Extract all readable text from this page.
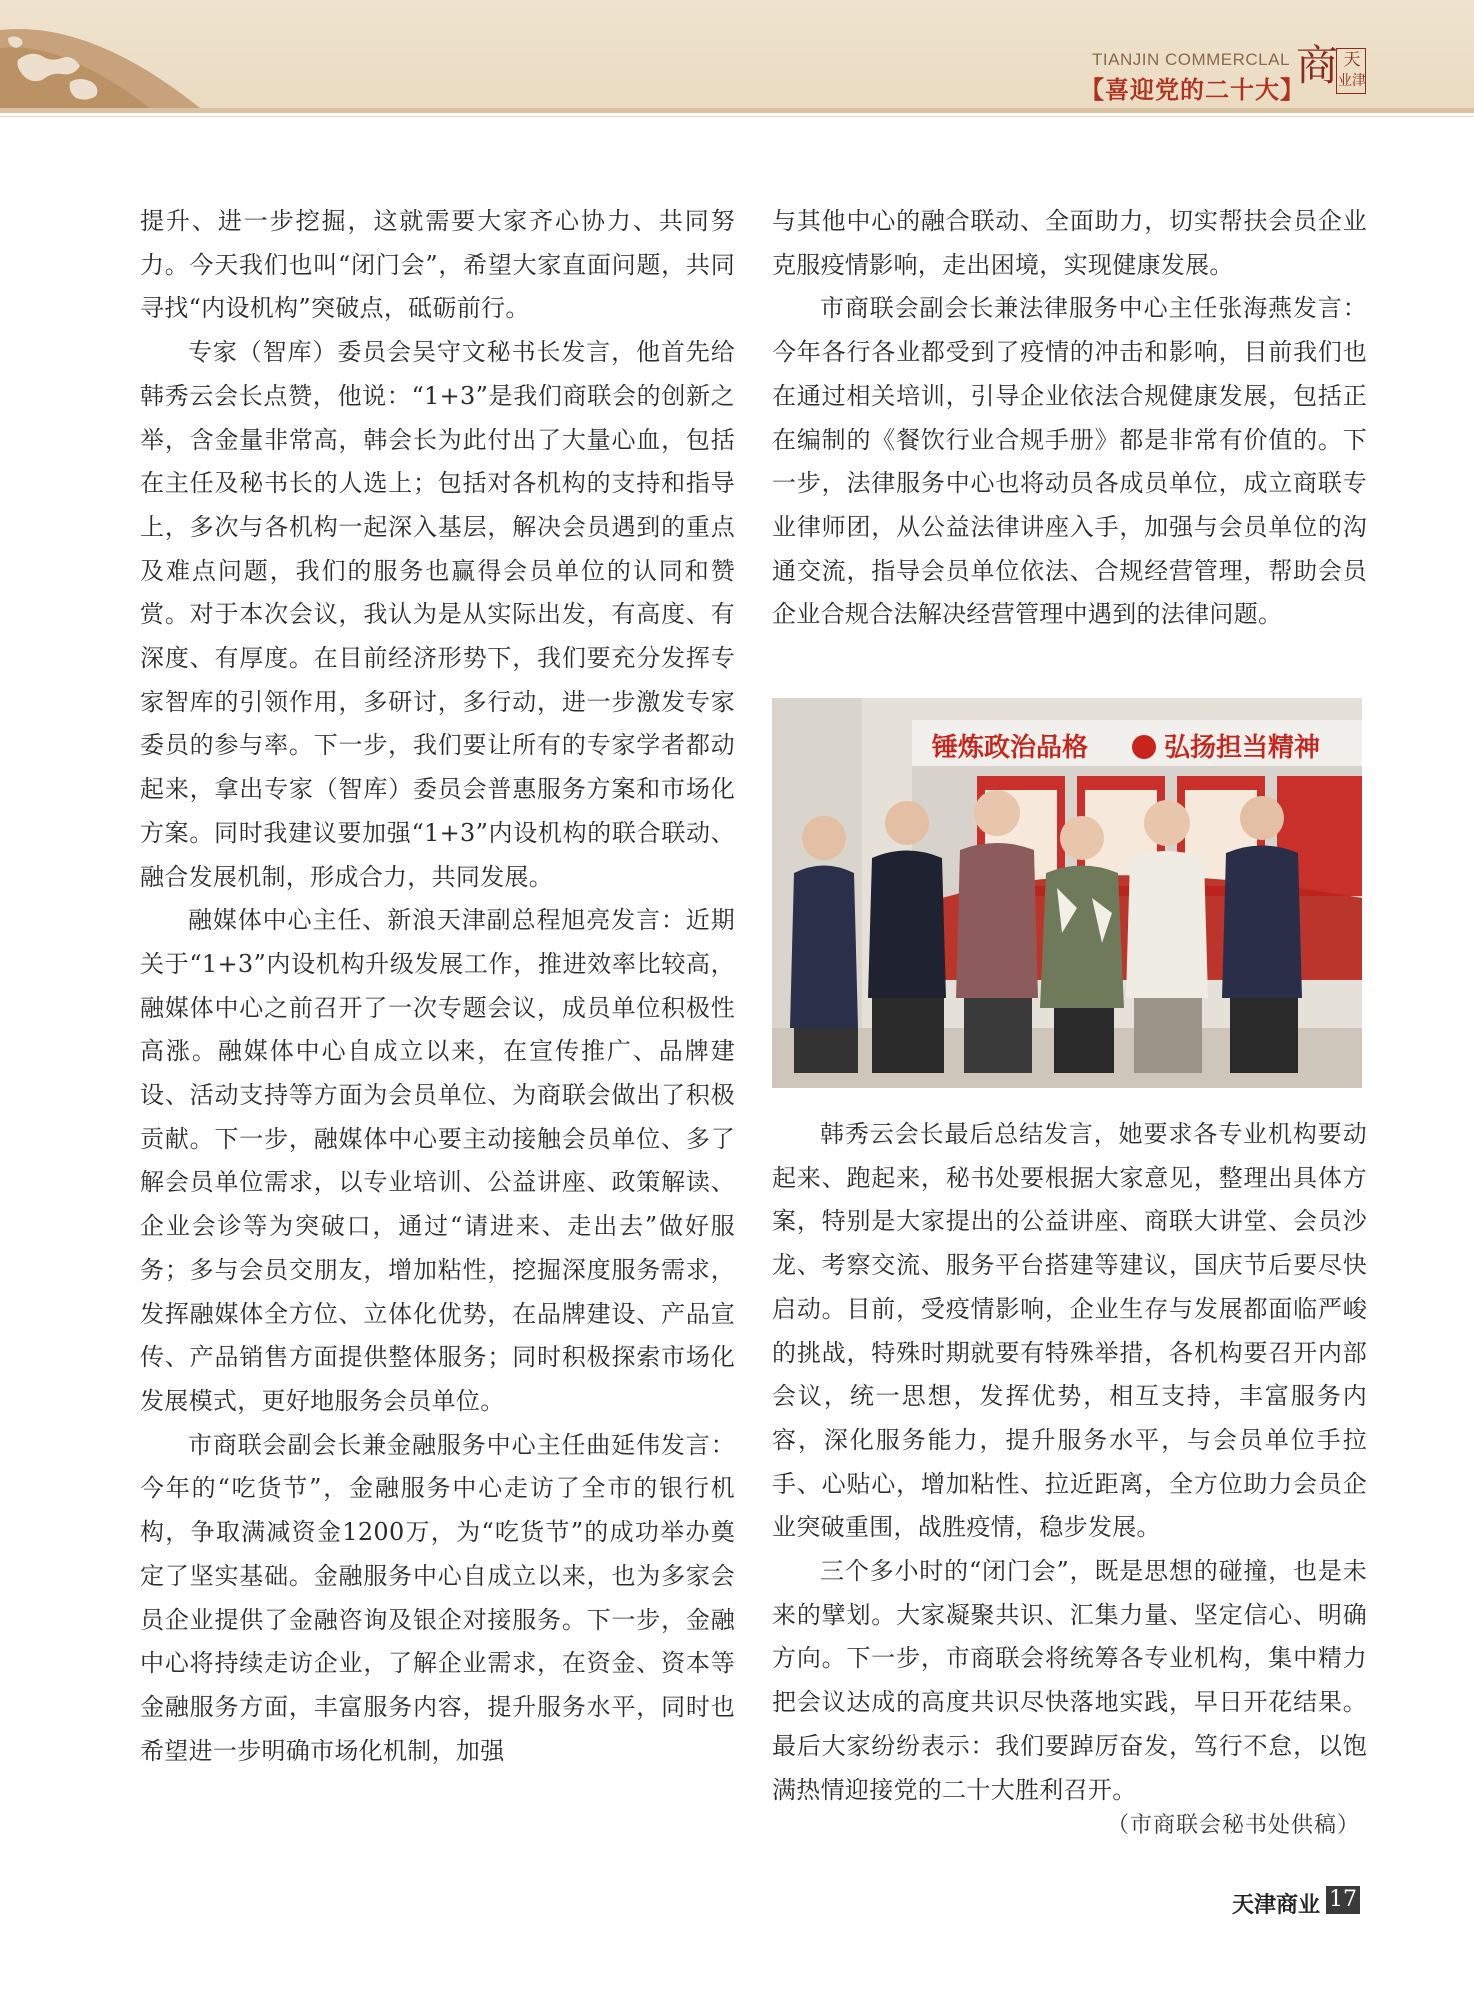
TIANJIN COMMERCLAL
【喜迎党的二十大】
商 天
业津

提升、进一步挖掘，这就需要大家齐心协力、共同努力。今天我们也叫“闭门会”，希望大家直面问题，共同寻找“内设机构”突破点，砥砺前行。

专家（智库）委员会吴守文秘书长发言，他首先给韩秀云会长点赞，他说：“1+3”是我们商联会的创新之举，含金量非常高，韩会长为此付出了大量心血，包括在主任及秘书长的人选上；包括对各机构的支持和指导上，多次与各机构一起深入基层，解决会员遇到的重点及难点问题，我们的服务也赢得会员单位的认同和赞赏。对于本次会议，我认为是从实际出发，有高度、有深度、有厚度。在目前经济形势下，我们要充分发挥专家智库的引领作用，多研讨，多行动，进一步激发专家委员的参与率。下一步，我们要让所有的专家学者都动起来，拿出专家（智库）委员会普惠服务方案和市场化方案。同时我建议要加强“1+3”内设机构的联合联动、融合发展机制，形成合力，共同发展。

融媒体中心主任、新浪天津副总程旭亮发言：近期关于“1+3”内设机构升级发展工作，推进效率比较高，融媒体中心之前召开了一次专题会议，成员单位积极性高涨。融媒体中心自成立以来，在宣传推广、品牌建设、活动支持等方面为会员单位、为商联会做出了积极贡献。下一步，融媒体中心要主动接触会员单位、多了解会员单位需求，以专业培训、公益讲座、政策解读、企业会诊等为突破口，通过“请进来、走出去”做好服务；多与会员交朋友，增加粘性，挖掘深度服务需求，发挥融媒体全方位、立体化优势，在品牌建设、产品宣传、产品销售方面提供整体服务；同时积极探索市场化发展模式，更好地服务会员单位。

市商联会副会长兼金融服务中心主任曲延伟发言：今年的“吃货节”，金融服务中心走访了全市的银行机构，争取满减资金1200万，为“吃货节”的成功举办奠定了坚实基础。金融服务中心自成立以来，也为多家会员企业提供了金融咨询及银企对接服务。下一步，金融中心将持续走访企业，了解企业需求，在资金、资本等金融服务方面，丰富服务内容，提升服务水平，同时也希望进一步明确市场化机制，加强

与其他中心的融合联动、全面助力，切实帮扶会员企业克服疫情影响，走出困境，实现健康发展。

市商联会副会长兼法律服务中心主任张海燕发言：今年各行各业都受到了疫情的冲击和影响，目前我们也在通过相关培训，引导企业依法合规健康发展，包括正在编制的《餐饮行业合规手册》都是非常有价值的。下一步，法律服务中心也将动员各成员单位，成立商联专业律师团，从公益法律讲座入手，加强与会员单位的沟通交流，指导会员单位依法、合规经营管理，帮助会员企业合规合法解决经营管理中遇到的法律问题。

锤炼政治品格	弘扬担当精神

韩秀云会长最后总结发言，她要求各专业机构要动起来、跑起来，秘书处要根据大家意见，整理出具体方案，特别是大家提出的公益讲座、商联大讲堂、会员沙龙、考察交流、服务平台搭建等建议，国庆节后要尽快启动。目前，受疫情影响，企业生存与发展都面临严峻的挑战，特殊时期就要有特殊举措，各机构要召开内部会议，统一思想，发挥优势，相互支持，丰富服务内容，深化服务能力，提升服务水平，与会员单位手拉手、心贴心，增加粘性、拉近距离，全方位助力会员企业突破重围，战胜疫情，稳步发展。

三个多小时的“闭门会”，既是思想的碰撞，也是未来的擘划。大家凝聚共识、汇集力量、坚定信心、明确方向。下一步，市商联会将统筹各专业机构，集中精力把会议达成的高度共识尽快落地实践，早日开花结果。最后大家纷纷表示：我们要踔厉奋发，笃行不怠，以饱满热情迎接党的二十大胜利召开。

（市商联会秘书处供稿）
天津商业 17
